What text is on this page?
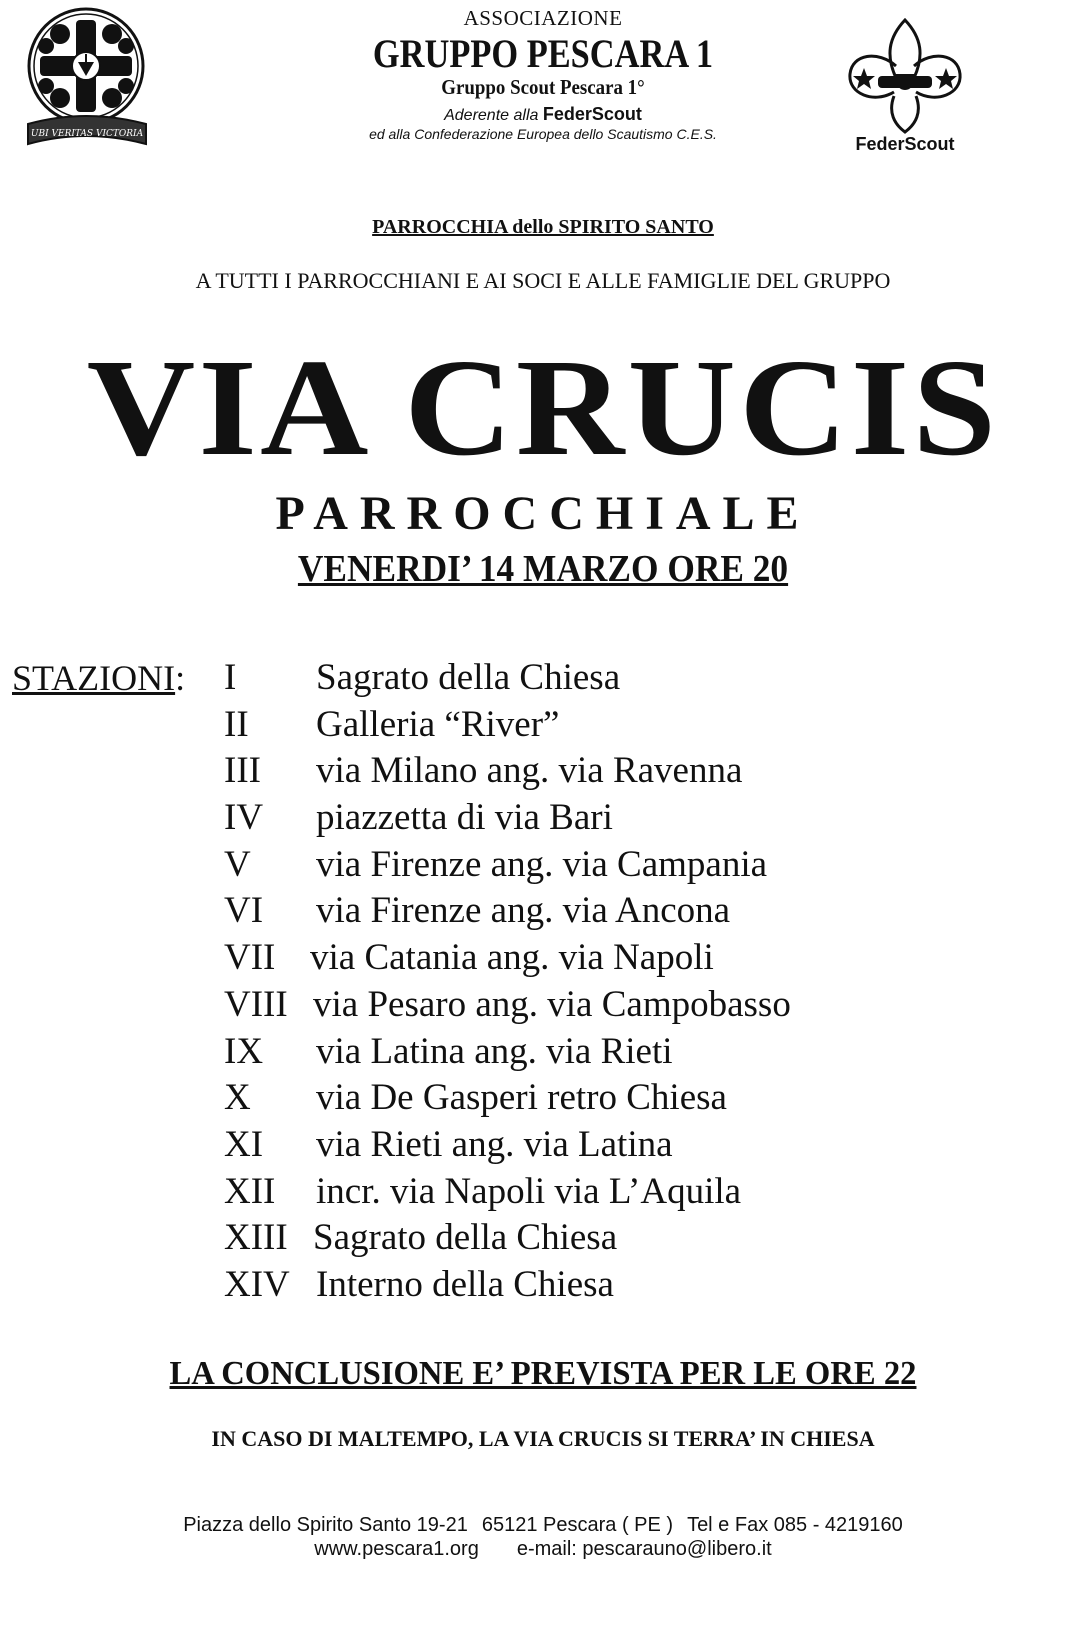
UBI VERITAS VICTORIA
ASSOCIAZIONE
GRUPPO PESCARA 1
Gruppo Scout Pescara 1°
Aderente alla FederScout
ed alla Confederazione Europea dello Scautismo C.E.S.	FederScout
PARROCCHIA dello SPIRITO SANTO
A TUTTI I PARROCCHIANI E AI SOCI E ALLE FAMIGLIE DEL GRUPPO
VIA CRUCIS
PARROCCHIALE
VENERDI’ 14 MARZO ORE 20
STAZIONI: I	Sagrato della Chiesa
II	Galleria “River”
III	via Milano ang. via Ravenna
IV	piazzetta di via Bari
V	via Firenze ang. via Campania
VI	via Firenze ang. via Ancona
VII via Catania ang. via Napoli
VIII via Pesaro ang. via Campobasso
IX	via Latina ang. via Rieti
X	via De Gasperi retro Chiesa
XI	via Rieti ang. via Latina
XII	incr. via Napoli via L’Aquila
XIII Sagrato della Chiesa
XIV Interno della Chiesa
LA CONCLUSIONE E’ PREVISTA PER LE ORE 22
IN CASO DI MALTEMPO, LA VIA CRUCIS SI TERRA’ IN CHIESA
Piazza dello Spirito Santo 19-21 65121 Pescara ( PE ) Tel e Fax 085 - 4219160
www.pescara1.org e-mail: pescarauno@libero.it
